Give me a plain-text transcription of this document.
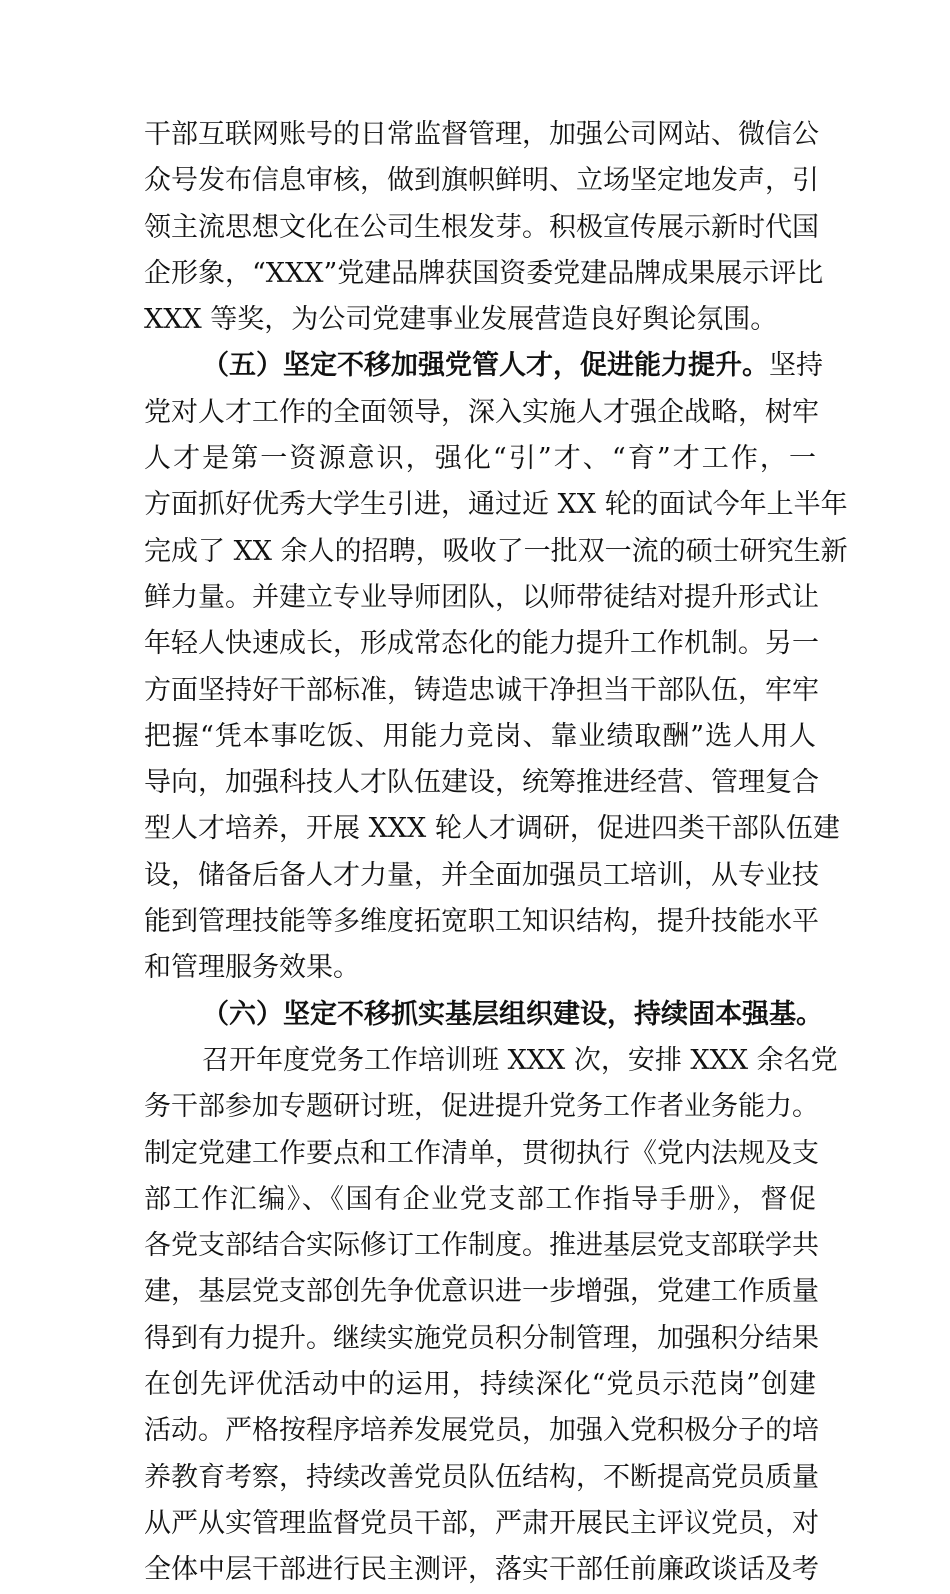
干部互联网账号的日常监督管理，加强公司网站、微信公
众号发布信息审核，做到旗帜鲜明、立场坚定地发声，引
领主流思想文化在公司生根发芽。积极宣传展示新时代国
企形象，“XXX”党建品牌获国资委党建品牌成果展示评比
XXX 等奖，为公司党建事业发展营造良好舆论氛围。
（五）坚定不移加强党管人才，促进能力提升。坚持
党对人才工作的全面领导，深入实施人才强企战略，树牢
人才是第一资源意识，强化“引”才、“育”才工作，一
方面抓好优秀大学生引进，通过近 XX 轮的面试今年上半年
完成了 XX 余人的招聘，吸收了一批双一流的硕士研究生新
鲜力量。并建立专业导师团队，以师带徒结对提升形式让
年轻人快速成长，形成常态化的能力提升工作机制。另一
方面坚持好干部标准，铸造忠诚干净担当干部队伍，牢牢
把握“凭本事吃饭、用能力竞岗、靠业绩取酬”选人用人
导向，加强科技人才队伍建设，统筹推进经营、管理复合
型人才培养，开展 XXX 轮人才调研，促进四类干部队伍建
设，储备后备人才力量，并全面加强员工培训，从专业技
能到管理技能等多维度拓宽职工知识结构，提升技能水平
和管理服务效果。
（六）坚定不移抓实基层组织建设，持续固本强基。
召开年度党务工作培训班 XXX 次，安排 XXX 余名党
务干部参加专题研讨班，促进提升党务工作者业务能力。
制定党建工作要点和工作清单，贯彻执行《党内法规及支
部工作汇编》、《国有企业党支部工作指导手册》，督促
各党支部结合实际修订工作制度。推进基层党支部联学共
建，基层党支部创先争优意识进一步增强，党建工作质量
得到有力提升。继续实施党员积分制管理，加强积分结果
在创先评优活动中的运用，持续深化“党员示范岗”创建
活动。严格按程序培养发展党员，加强入党积极分子的培
养教育考察，持续改善党员队伍结构，不断提高党员质量
从严从实管理监督党员干部，严肃开展民主评议党员，对
全体中层干部进行民主测评，落实干部任前廉政谈话及考
